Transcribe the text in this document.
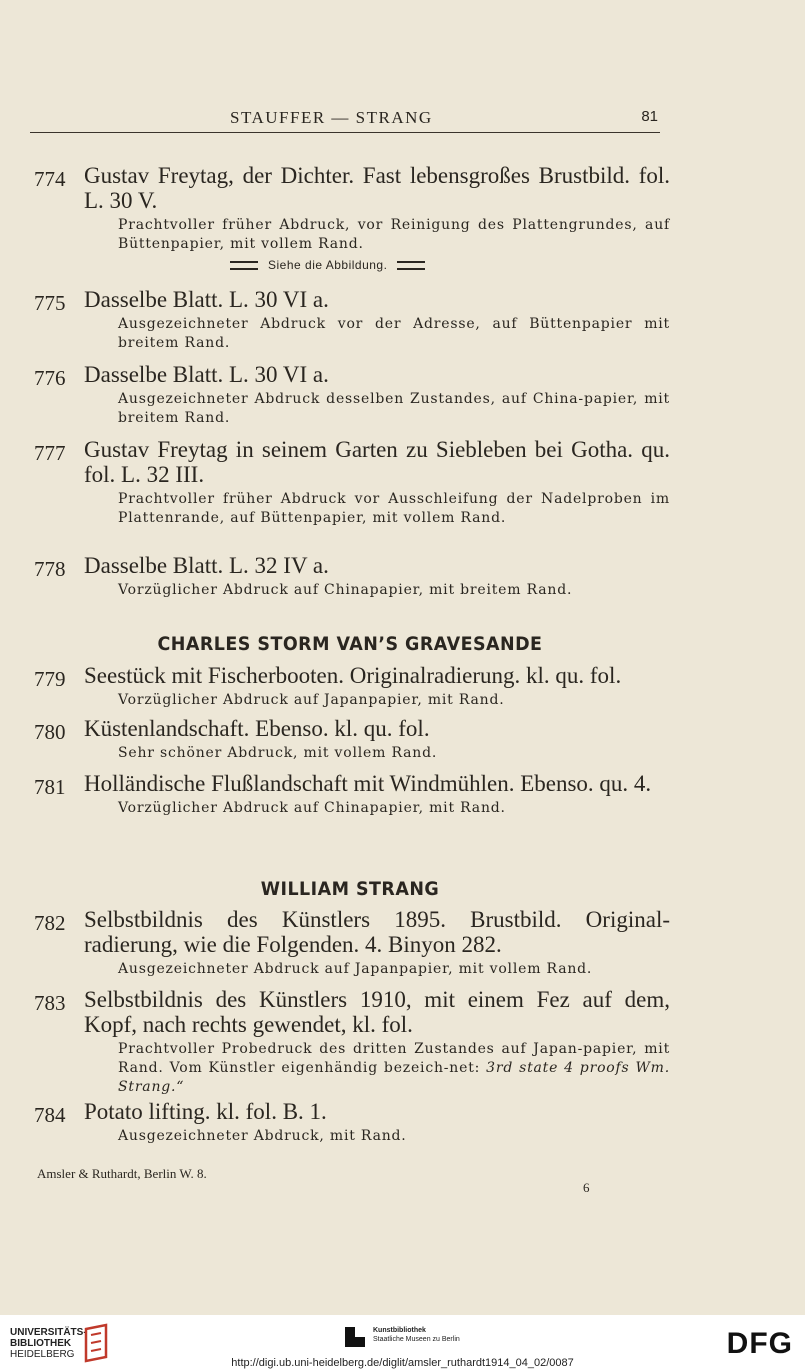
STAUFFER — STRANG	81
774 Gustav Freytag, der Dichter. Fast lebensgroßes Brustbild. fol. L. 30 V.
Prachtvoller früher Abdruck, vor Reinigung des Plattengrundes, auf Büttenpapier, mit vollem Rand.
Siehe die Abbildung.
775 Dasselbe Blatt. L. 30 VI a.
Ausgezeichneter Abdruck vor der Adresse, auf Büttenpapier mit breitem Rand.
776 Dasselbe Blatt. L. 30 VI a.
Ausgezeichneter Abdruck desselben Zustandes, auf China-papier, mit breitem Rand.
777 Gustav Freytag in seinem Garten zu Siebleben bei Gotha. qu. fol. L. 32 III.
Prachtvoller früher Abdruck vor Ausschleifung der Nadelproben im Plattenrande, auf Büttenpapier, mit vollem Rand.
778 Dasselbe Blatt. L. 32 IV a.
Vorzüglicher Abdruck auf Chinapapier, mit breitem Rand.
CHARLES STORM VAN’S GRAVESANDE
779 Seestück mit Fischerbooten. Originalradierung. kl. qu. fol.
Vorzüglicher Abdruck auf Japanpapier, mit Rand.
780 Küstenlandschaft. Ebenso. kl. qu. fol.
Sehr schöner Abdruck, mit vollem Rand.
781 Holländische Flußlandschaft mit Windmühlen. Ebenso. qu. 4.
Vorzüglicher Abdruck auf Chinapapier, mit Rand.
WILLIAM STRANG
782 Selbstbildnis des Künstlers 1895. Brustbild. Original-radierung, wie die Folgenden. 4. Binyon 282.
Ausgezeichneter Abdruck auf Japanpapier, mit vollem Rand.
783 Selbstbildnis des Künstlers 1910, mit einem Fez auf dem, Kopf, nach rechts gewendet, kl. fol.
Prachtvoller Probedruck des dritten Zustandes auf Japan-papier, mit Rand. Vom Künstler eigenhändig bezeich-net: 3rd state 4 proofs Wm. Strang.“
784 Potato lifting. kl. fol. B. 1.
Ausgezeichneter Abdruck, mit Rand.
Amsler & Ruthardt, Berlin W. 8.
6
UNIVERSITÄTS-
BIBLIOTHEK
HEIDELBERG
Kunstbibliothek
Staatliche Museen zu Berlin	DFG
http://digi.ub.uni-heidelberg.de/diglit/amsler_ruthardt1914_04_02/0087
